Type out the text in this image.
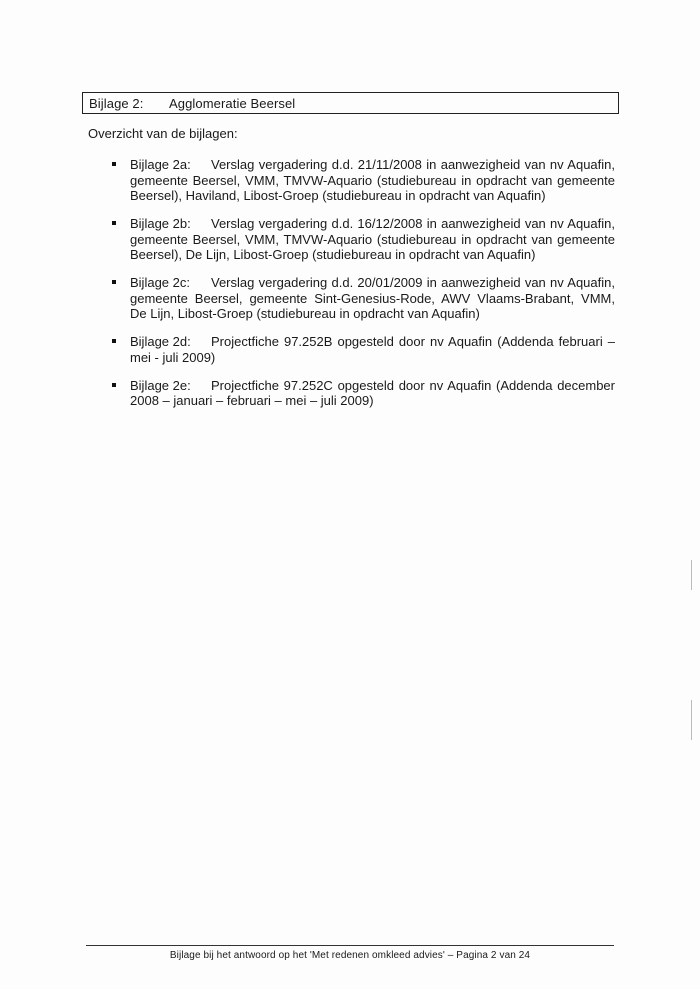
Bijlage 2:	Agglomeratie Beersel
Overzicht van de bijlagen:
Bijlage 2a: Verslag vergadering d.d. 21/11/2008 in aanwezigheid van nv Aquafin, gemeente Beersel, VMM, TMVW-Aquario (studiebureau in opdracht van gemeente Beersel), Haviland, Libost-Groep (studiebureau in opdracht van Aquafin)
Bijlage 2b: Verslag vergadering d.d. 16/12/2008 in aanwezigheid van nv Aquafin, gemeente Beersel, VMM, TMVW-Aquario (studiebureau in opdracht van gemeente Beersel), De Lijn, Libost-Groep (studiebureau in opdracht van Aquafin)
Bijlage 2c: Verslag vergadering d.d. 20/01/2009 in aanwezigheid van nv Aquafin, gemeente Beersel, gemeente Sint-Genesius-Rode, AWV Vlaams-Brabant, VMM, De Lijn, Libost-Groep (studiebureau in opdracht van Aquafin)
Bijlage 2d: Projectfiche 97.252B opgesteld door nv Aquafin (Addenda februari – mei - juli 2009)
Bijlage 2e: Projectfiche 97.252C opgesteld door nv Aquafin (Addenda december 2008 – januari – februari – mei – juli 2009)
Bijlage bij het antwoord op het 'Met redenen omkleed advies' – Pagina 2 van 24
